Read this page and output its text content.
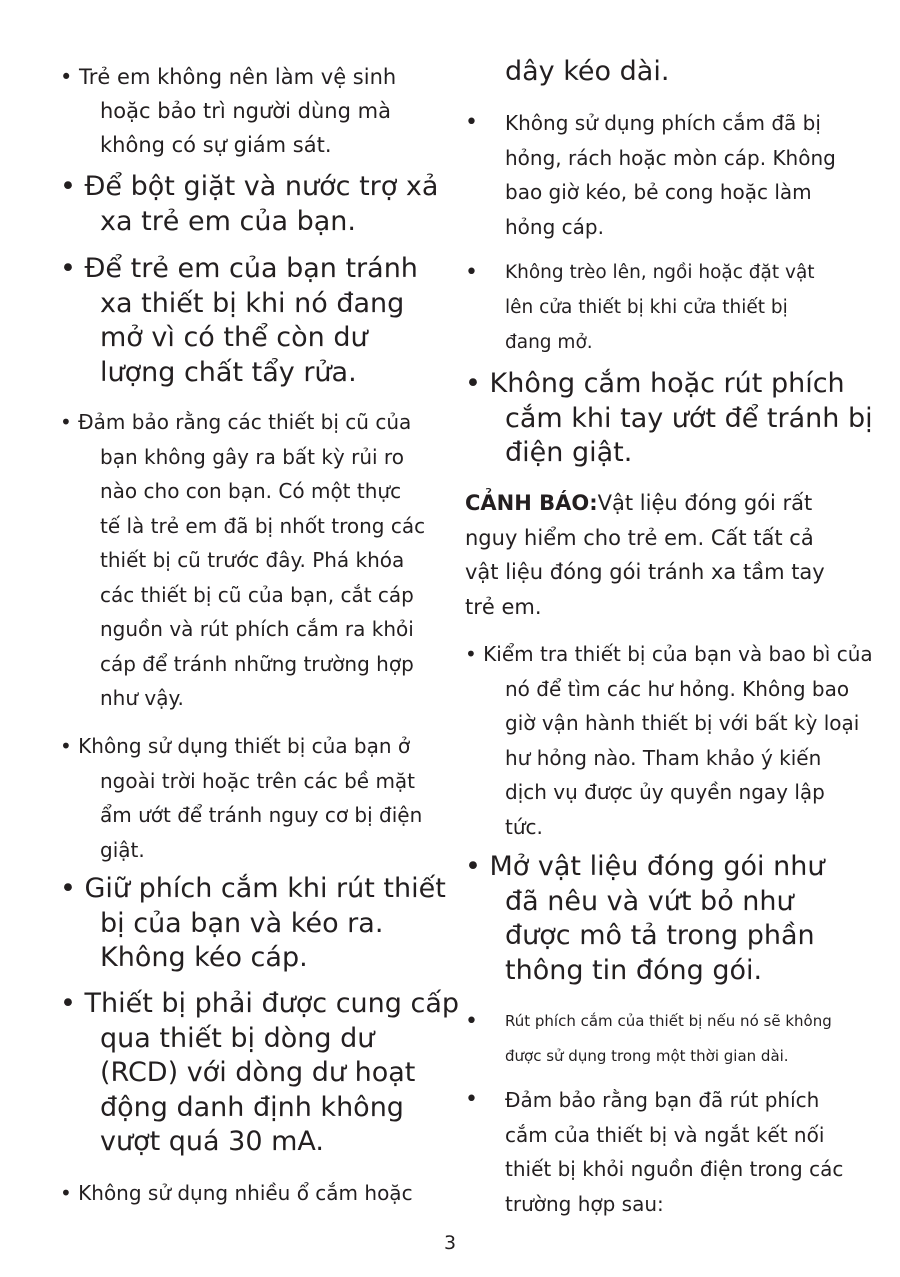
• Trẻ em không nên làm vệ sinh
hoặc bảo trì người dùng mà
không có sự giám sát.
• Để bột giặt và nước trợ xả
xa trẻ em của bạn.
• Để trẻ em của bạn tránh
xa thiết bị khi nó đang
mở vì có thể còn dư
lượng chất tẩy rửa.
• Đảm bảo rằng các thiết bị cũ của
bạn không gây ra bất kỳ rủi ro
nào cho con bạn. Có một thực
tế là trẻ em đã bị nhốt trong các
thiết bị cũ trước đây. Phá khóa
các thiết bị cũ của bạn, cắt cáp
nguồn và rút phích cắm ra khỏi
cáp để tránh những trường hợp
như vậy.
• Không sử dụng thiết bị của bạn ở
ngoài trời hoặc trên các bề mặt
ẩm ướt để tránh nguy cơ bị điện
giật.
• Giữ phích cắm khi rút thiết
bị của bạn và kéo ra.
Không kéo cáp.
• Thiết bị phải được cung cấp
qua thiết bị dòng dư
(RCD) với dòng dư hoạt
động danh định không
vượt quá 30 mA.
• Không sử dụng nhiều ổ cắm hoặc
dây kéo dài.
•	Không sử dụng phích cắm đã bị
hỏng, rách hoặc mòn cáp. Không
bao giờ kéo, bẻ cong hoặc làm
hỏng cáp.
•	Không trèo lên, ngồi hoặc đặt vật
lên cửa thiết bị khi cửa thiết bị
đang mở.
• Không cắm hoặc rút phích
cắm khi tay ướt để tránh bị
điện giật.
CẢNH BÁO:Vật liệu đóng gói rất
nguy hiểm cho trẻ em. Cất tất cả
vật liệu đóng gói tránh xa tầm tay
trẻ em.
• Kiểm tra thiết bị của bạn và bao bì của
nó để tìm các hư hỏng. Không bao
giờ vận hành thiết bị với bất kỳ loại
hư hỏng nào. Tham khảo ý kiến
dịch vụ được ủy quyền ngay lập
tức.
• Mở vật liệu đóng gói như
đã nêu và vứt bỏ như
được mô tả trong phần
thông tin đóng gói.
•	Rút phích cắm của thiết bị nếu nó sẽ không
được sử dụng trong một thời gian dài.
•	Đảm bảo rằng bạn đã rút phích
cắm của thiết bị và ngắt kết nối
thiết bị khỏi nguồn điện trong các
trường hợp sau:
3
